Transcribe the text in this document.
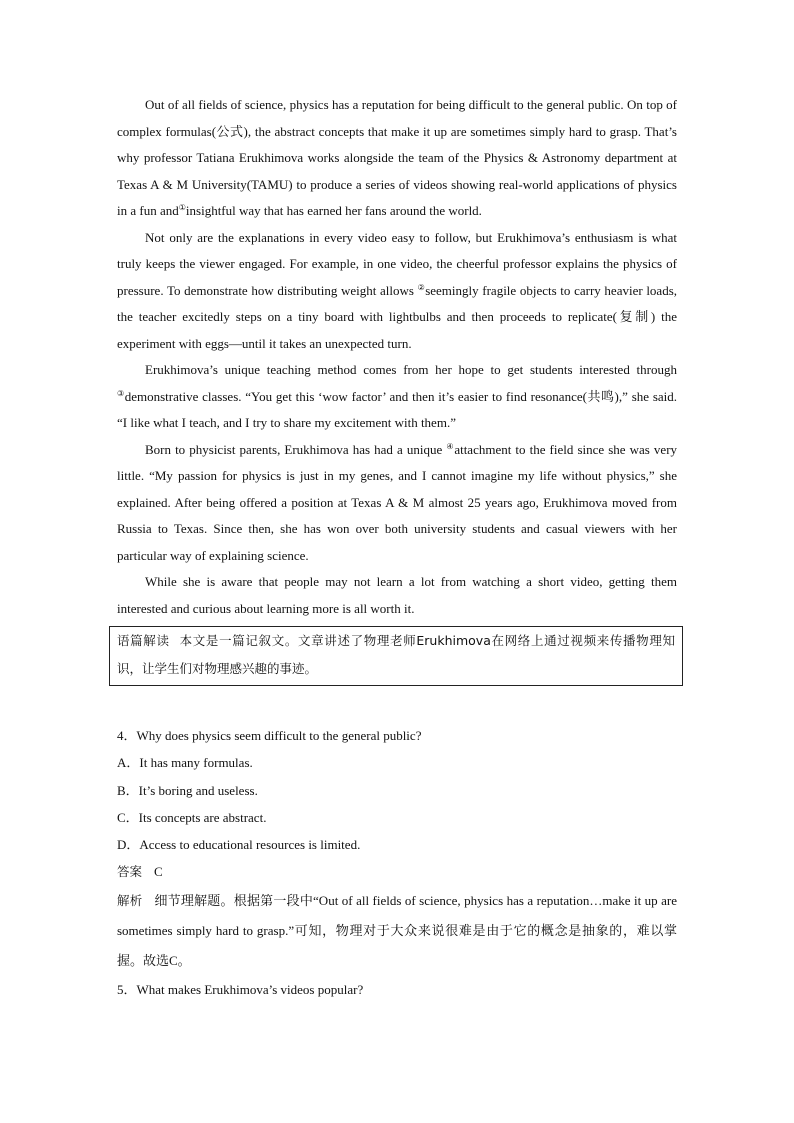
Out of all fields of science, physics has a reputation for being difficult to the general public. On top of complex formulas(公式), the abstract concepts that make it up are sometimes simply hard to grasp. That’s why professor Tatiana Erukhimova works alongside the team of the Physics & Astronomy department at Texas A & M University(TAMU) to produce a series of videos showing real-world applications of physics in a fun and①insightful way that has earned her fans around the world.

Not only are the explanations in every video easy to follow, but Erukhimova’s enthusiasm is what truly keeps the viewer engaged. For example, in one video, the cheerful professor explains the physics of pressure. To demonstrate how distributing weight allows ②seemingly fragile objects to carry heavier loads, the teacher excitedly steps on a tiny board with lightbulbs and then proceeds to replicate(复制) the experiment with eggs—until it takes an unexpected turn.

Erukhimova’s unique teaching method comes from her hope to get students interested through ③demonstrative classes. “You get this ‘wow factor’ and then it’s easier to find resonance(共鸣),” she said. “I like what I teach, and I try to share my excitement with them.”

Born to physicist parents, Erukhimova has had a unique ④attachment to the field since she was very little. “My passion for physics is just in my genes, and I cannot imagine my life without physics,” she explained. After being offered a position at Texas A & M almost 25 years ago, Erukhimova moved from Russia to Texas. Since then, she has won over both university students and casual viewers with her particular way of explaining science.

While she is aware that people may not learn a lot from watching a short video, getting them interested and curious about learning more is all worth it.

语篇解读 本文是一篇记叙文。文章讲述了物理老师Erukhimova在网络上通过视频来传播物理知识，让学生们对物理感兴趣的事迹。

4．Why does physics seem difficult to the general public?

A．It has many formulas.

B．It’s boring and useless.

C．Its concepts are abstract.

D．Access to educational resources is limited.

答案 C

解析 细节理解题。根据第一段中“Out of all fields of science, physics has a reputation…make it up are sometimes simply hard to grasp.”可知，物理对于大众来说很难是由于它的概念是抽象的，难以掌握。故选C。

5．What makes Erukhimova’s videos popular?
